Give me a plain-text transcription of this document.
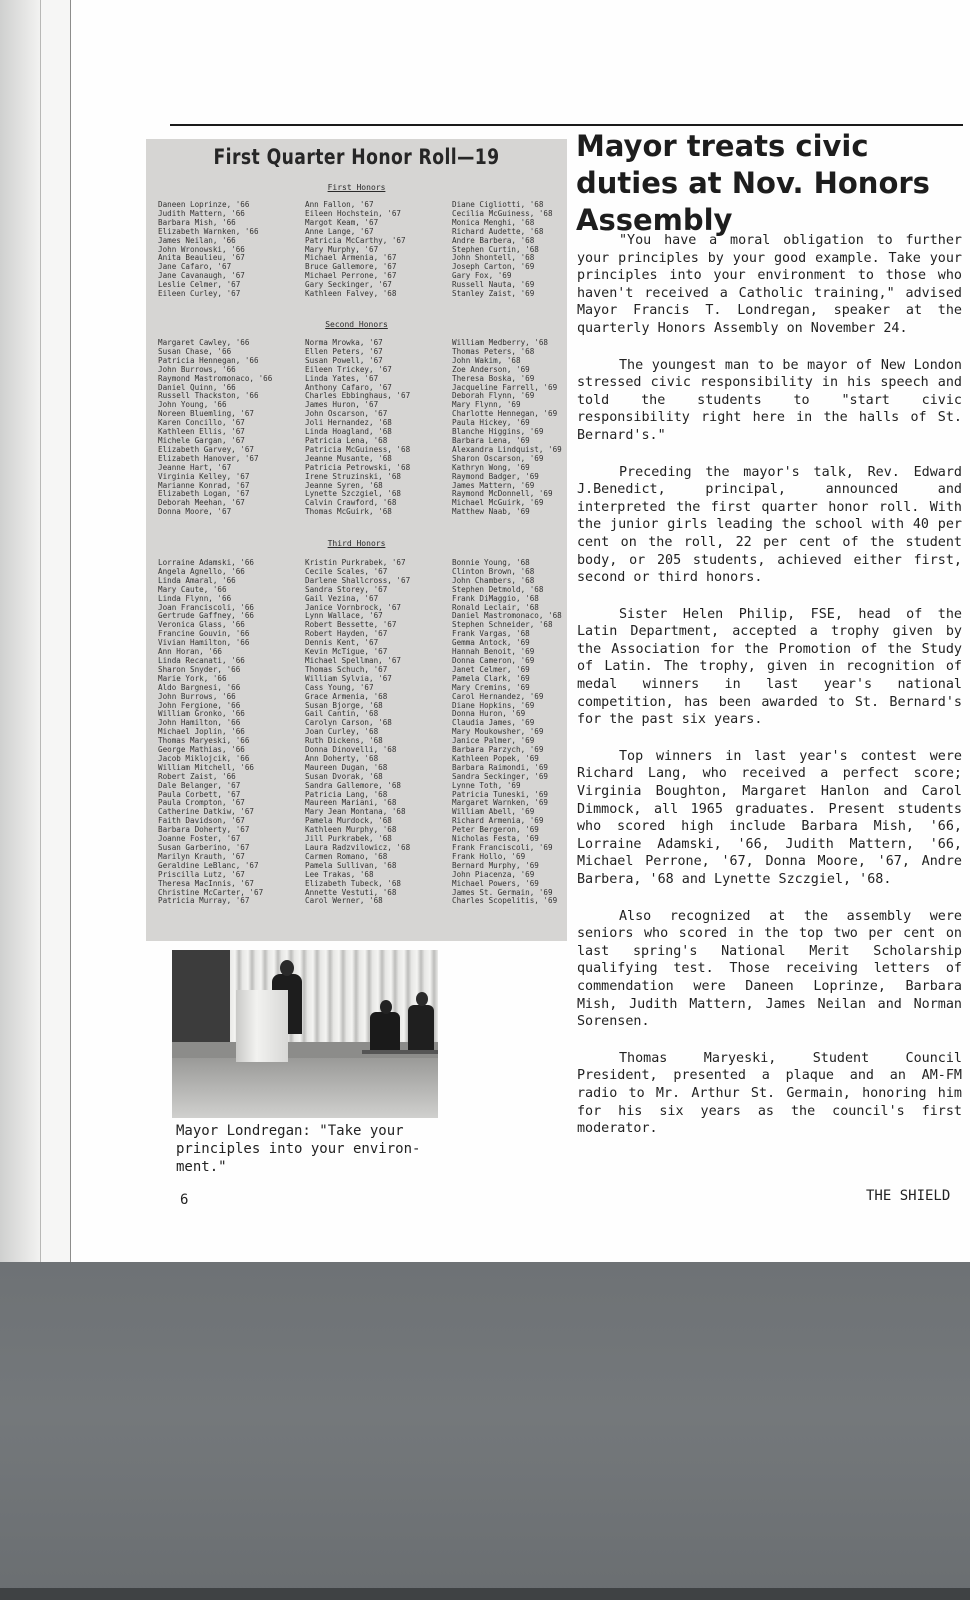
First Quarter Honor Roll—19
First Honors
Daneen Loprinze, '66
Judith Mattern, '66
Barbara Mish, '66
Elizabeth Warnken, '66
James Neilan, '66
John Wronowski, '66
Anita Beaulieu, '67
Jane Cafaro, '67
Jane Cavanaugh, '67
Leslie Celmer, '67
Eileen Curley, '67
Ann Fallon, '67
Eileen Hochstein, '67
Margot Keam, '67
Anne Lange, '67
Patricia McCarthy, '67
Mary Murphy, '67
Michael Armenia, '67
Bruce Gallemore, '67
Michael Perrone, '67
Gary Seckinger, '67
Kathleen Falvey, '68
Diane Cigliotti, '68
Cecilia McGuiness, '68
Monica Menghi, '68
Richard Audette, '68
Andre Barbera, '68
Stephen Curtin, '68
John Shontell, '68
Joseph Carton, '69
Gary Fox, '69
Russell Nauta, '69
Stanley Zaist, '69
Second Honors
Margaret Cawley, '66
Susan Chase, '66
Patricia Hennegan, '66
John Burrows, '66
Raymond Mastromonaco, '66
Daniel Quinn, '66
Russell Thackston, '66
John Young, '66
Noreen Bluemling, '67
Karen Concillo, '67
Kathleen Ellis, '67
Michele Gargan, '67
Elizabeth Garvey, '67
Elizabeth Hanover, '67
Jeanne Hart, '67
Virginia Kelley, '67
Marianne Konrad, '67
Elizabeth Logan, '67
Deborah Meehan, '67
Donna Moore, '67
Norma Mrowka, '67
Ellen Peters, '67
Susan Powell, '67
Eileen Trickey, '67
Linda Yates, '67
Anthony Cafaro, '67
Charles Ebbinghaus, '67
James Huron, '67
John Oscarson, '67
Joli Hernandez, '68
Linda Hoagland, '68
Patricia Lena, '68
Patricia McGuiness, '68
Jeanne Musante, '68
Patricia Petrowski, '68
Irene Struzinski, '68
Jeanne Syren, '68
Lynette Szczgiel, '68
Calvin Crawford, '68
Thomas McGuirk, '68
William Medberry, '68
Thomas Peters, '68
John Wakim, '68
Zoe Anderson, '69
Theresa Boska, '69
Jacqueline Farrell, '69
Deborah Flynn, '69
Mary Flynn, '69
Charlotte Hennegan, '69
Paula Hickey, '69
Blanche Higgins, '69
Barbara Lena, '69
Alexandra Lindquist, '69
Sharon Oscarson, '69
Kathryn Wong, '69
Raymond Badger, '69
James Mattern, '69
Raymond McDonnell, '69
Michael McGuirk, '69
Matthew Naab, '69
Third Honors
Lorraine Adamski, '66
Angela Agnello, '66
Linda Amaral, '66
Mary Caute, '66
Linda Flynn, '66
Joan Franciscoli, '66
Gertrude Gaffney, '66
Veronica Glass, '66
Francine Gouvin, '66
Vivian Hamilton, '66
Ann Horan, '66
Linda Recanati, '66
Sharon Snyder, '66
Marie York, '66
Aldo Bargnesi, '66
John Burrows, '66
John Fergione, '66
William Gronko, '66
John Hamilton, '66
Michael Joplin, '66
Thomas Maryeski, '66
George Mathias, '66
Jacob Miklojcik, '66
William Mitchell, '66
Robert Zaist, '66
Dale Belanger, '67
Paula Corbett, '67
Paula Crompton, '67
Catherine Datkiw, '67
Faith Davidson, '67
Barbara Doherty, '67
Joanne Foster, '67
Susan Garberino, '67
Marilyn Krauth, '67
Geraldine LeBlanc, '67
Priscilla Lutz, '67
Theresa MacInnis, '67
Christine McCarter, '67
Patricia Murray, '67
Kristin Purkrabek, '67
Cecile Scales, '67
Darlene Shallcross, '67
Sandra Storey, '67
Gail Vezina, '67
Janice Vornbrock, '67
Lynn Wallace, '67
Robert Bessette, '67
Robert Hayden, '67
Dennis Kent, '67
Kevin McTigue, '67
Michael Spellman, '67
Thomas Schuch, '67
William Sylvia, '67
Cass Young, '67
Grace Armenia, '68
Susan Bjorge, '68
Gail Cantin, '68
Carolyn Carson, '68
Joan Curley, '68
Ruth Dickens, '68
Donna Dinovelli, '68
Ann Doherty, '68
Maureen Dugan, '68
Susan Dvorak, '68
Sandra Gallemore, '68
Patricia Lang, '68
Maureen Mariani, '68
Mary Jean Montana, '68
Pamela Murdock, '68
Kathleen Murphy, '68
Jill Purkrabek, '68
Laura Radzvilowicz, '68
Carmen Romano, '68
Pamela Sullivan, '68
Lee Trakas, '68
Elizabeth Tubeck, '68
Annette Vestuti, '68
Carol Werner, '68
Bonnie Young, '68
Clinton Brown, '68
John Chambers, '68
Stephen Detmold, '68
Frank DiMaggio, '68
Ronald Leclair, '68
Daniel Mastromonaco, '68
Stephen Schneider, '68
Frank Vargas, '68
Gemma Antock, '69
Hannah Benoit, '69
Donna Cameron, '69
Janet Celmer, '69
Pamela Clark, '69
Mary Cremins, '69
Carol Hernandez, '69
Diane Hopkins, '69
Donna Huron, '69
Claudia James, '69
Mary Moukowsher, '69
Janice Palmer, '69
Barbara Parzych, '69
Kathleen Popek, '69
Barbara Raimondi, '69
Sandra Seckinger, '69
Lynne Toth, '69
Patricia Tuneski, '69
Margaret Warnken, '69
William Abell, '69
Richard Armenia, '69
Peter Bergeron, '69
Nicholas Festa, '69
Frank Franciscoli, '69
Frank Hollo, '69
Bernard Murphy, '69
John Piacenza, '69
Michael Powers, '69
James St. Germain, '69
Charles Scopelitis, '69
Mayor Londregan: "Take your principles into your environ-ment."
Mayor treats civic duties at Nov. Honors Assembly

"You have a moral obligation to further your principles by your good example. Take your principles into your environment to those who haven't received a Catholic training," advised Mayor Francis T. Londregan, speaker at the quarterly Honors Assembly on November 24.

The youngest man to be mayor of New London stressed civic responsibility in his speech and told the students to "start civic responsibility right here in the halls of St. Bernard's."

Preceding the mayor's talk, Rev. Edward J.Benedict, principal, announced and interpreted the first quarter honor roll. With the junior girls leading the school with 40 per cent on the roll, 22 per cent of the student body, or 205 students, achieved either first, second or third honors.

Sister Helen Philip, FSE, head of the Latin Department, accepted a trophy given by the Association for the Promotion of the Study of Latin. The trophy, given in recognition of medal winners in last year's national competition, has been awarded to St. Bernard's for the past six years.

Top winners in last year's contest were Richard Lang, who received a perfect score; Virginia Boughton, Margaret Hanlon and Carol Dimmock, all 1965 graduates. Present students who scored high include Barbara Mish, '66, Lorraine Adamski, '66, Judith Mattern, '66, Michael Perrone, '67, Donna Moore, '67, Andre Barbera, '68 and Lynette Szczgiel, '68.

Also recognized at the assembly were seniors who scored in the top two per cent on last spring's National Merit Scholarship qualifying test. Those receiving letters of commendation were Daneen Loprinze, Barbara Mish, Judith Mattern, James Neilan and Norman Sorensen.

Thomas Maryeski, Student Council President, presented a plaque and an AM-FM radio to Mr. Arthur St. Germain, honoring him for his six years as the council's first moderator.

6	THE SHIELD
